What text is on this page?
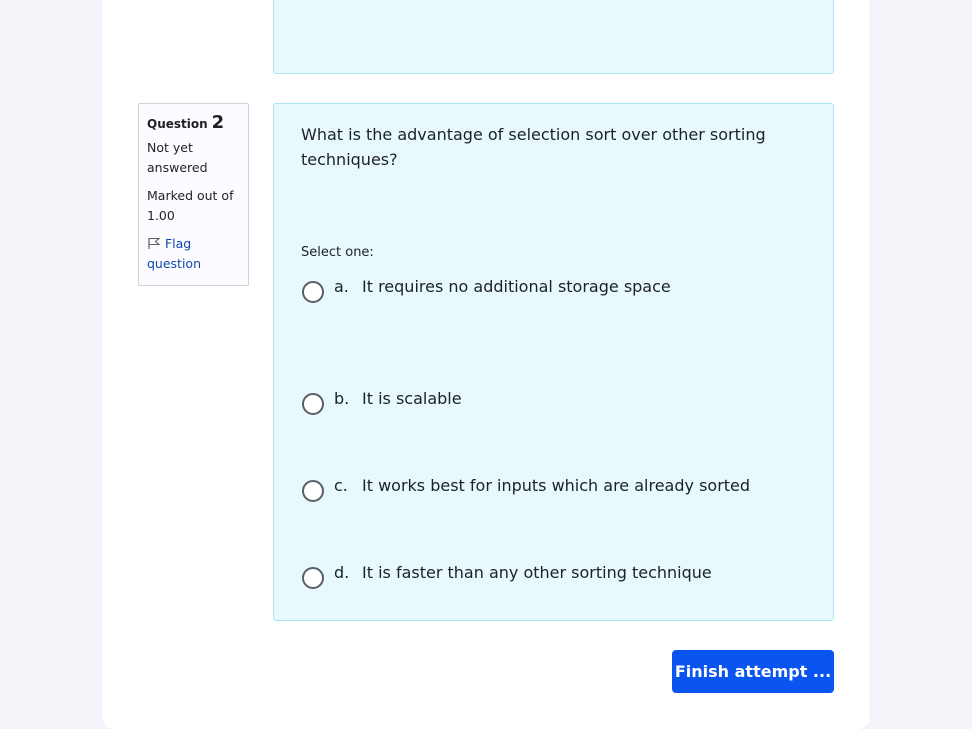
Question 2
Not yet answered
Marked out of 1.00
Flag question
What is the advantage of selection sort over other sorting techniques?
Select one:
a. It requires no additional storage space
b. It is scalable
c. It works best for inputs which are already sorted
d. It is faster than any other sorting technique
Finish attempt ...
